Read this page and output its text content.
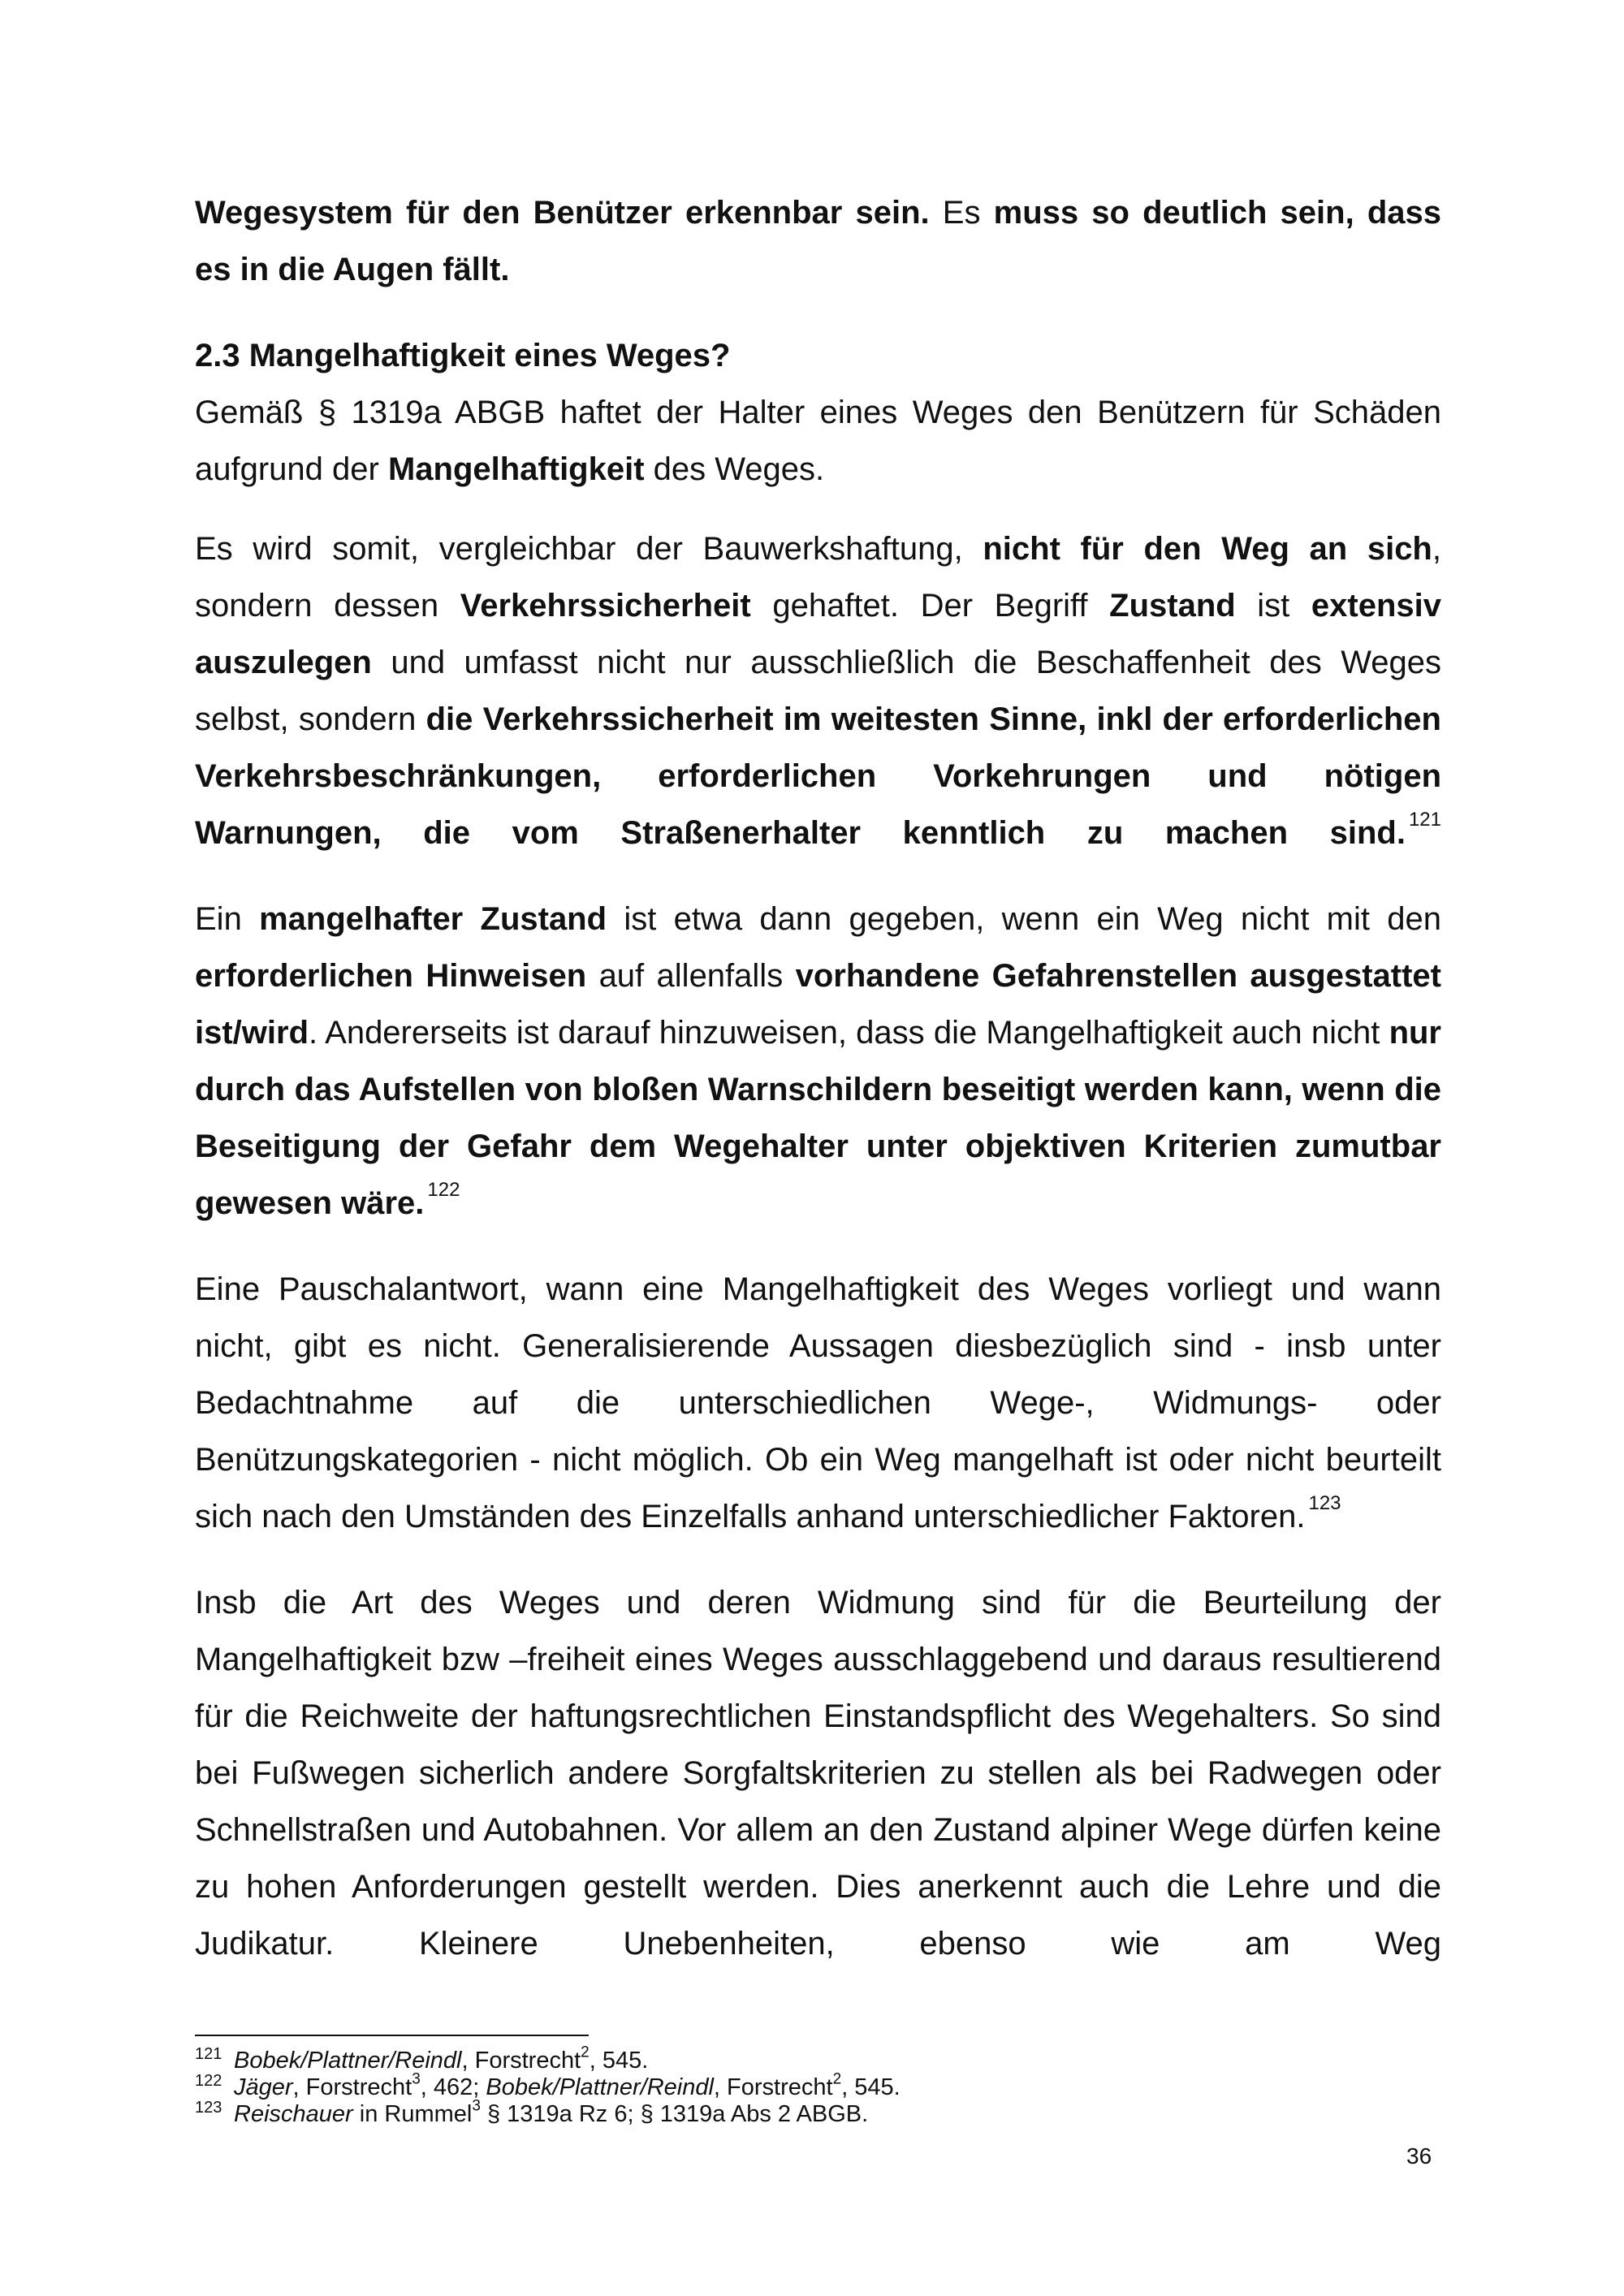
Wegesystem für den Benützer erkennbar sein. Es muss so deutlich sein, dass es in die Augen fällt.

2.3 Mangelhaftigkeit eines Weges?

Gemäß § 1319a ABGB haftet der Halter eines Weges den Benützern für Schäden aufgrund der Mangelhaftigkeit des Weges.

Es wird somit, vergleichbar der Bauwerkshaftung, nicht für den Weg an sich, sondern dessen Verkehrssicherheit gehaftet. Der Begriff Zustand ist extensiv auszulegen und umfasst nicht nur ausschließlich die Beschaffenheit des Weges selbst, sondern die Verkehrssicherheit im weitesten Sinne, inkl der erforderlichen Verkehrsbeschränkungen, erforderlichen Vorkehrungen und nötigen Warnungen, die vom Straßenerhalter kenntlich zu machen sind. $^{121}$

Ein mangelhafter Zustand ist etwa dann gegeben, wenn ein Weg nicht mit den erforderlichen Hinweisen auf allenfalls vorhandene Gefahrenstellen ausgestattet ist/wird. Andererseits ist darauf hinzuweisen, dass die Mangelhaftigkeit auch nicht nur durch das Aufstellen von bloßen Warnschildern beseitigt werden kann, wenn die Beseitigung der Gefahr dem Wegehalter unter objektiven Kriterien zumutbar gewesen wäre. $^{122}$

Eine Pauschalantwort, wann eine Mangelhaftigkeit des Weges vorliegt und wann nicht, gibt es nicht. Generalisierende Aussagen diesbezüglich sind - insb unter Bedachtnahme auf die unterschiedlichen Wege-, Widmungs- oder Benützungskategorien - nicht möglich. Ob ein Weg mangelhaft ist oder nicht beurteilt sich nach den Umständen des Einzelfalls anhand unterschiedlicher Faktoren. $^{123}$

Insb die Art des Weges und deren Widmung sind für die Beurteilung der Mangelhaftigkeit bzw –freiheit eines Weges ausschlaggebend und daraus resultierend für die Reichweite der haftungsrechtlichen Einstandspflicht des Wegehalters. So sind bei Fußwegen sicherlich andere Sorgfaltskriterien zu stellen als bei Radwegen oder Schnellstraßen und Autobahnen. Vor allem an den Zustand alpiner Wege dürfen keine zu hohen Anforderungen gestellt werden. Dies anerkennt auch die Lehre und die Judikatur. Kleinere Unebenheiten, ebenso wie am Weg

121 Bobek/Plattner/Reindl, Forstrecht$^2$, 545.
122 Jäger, Forstrecht$^3$, 462; Bobek/Plattner/Reindl, Forstrecht$^2$, 545.
123 Reischauer in Rummel$^3$ § 1319a Rz 6; § 1319a Abs 2 ABGB.
36
